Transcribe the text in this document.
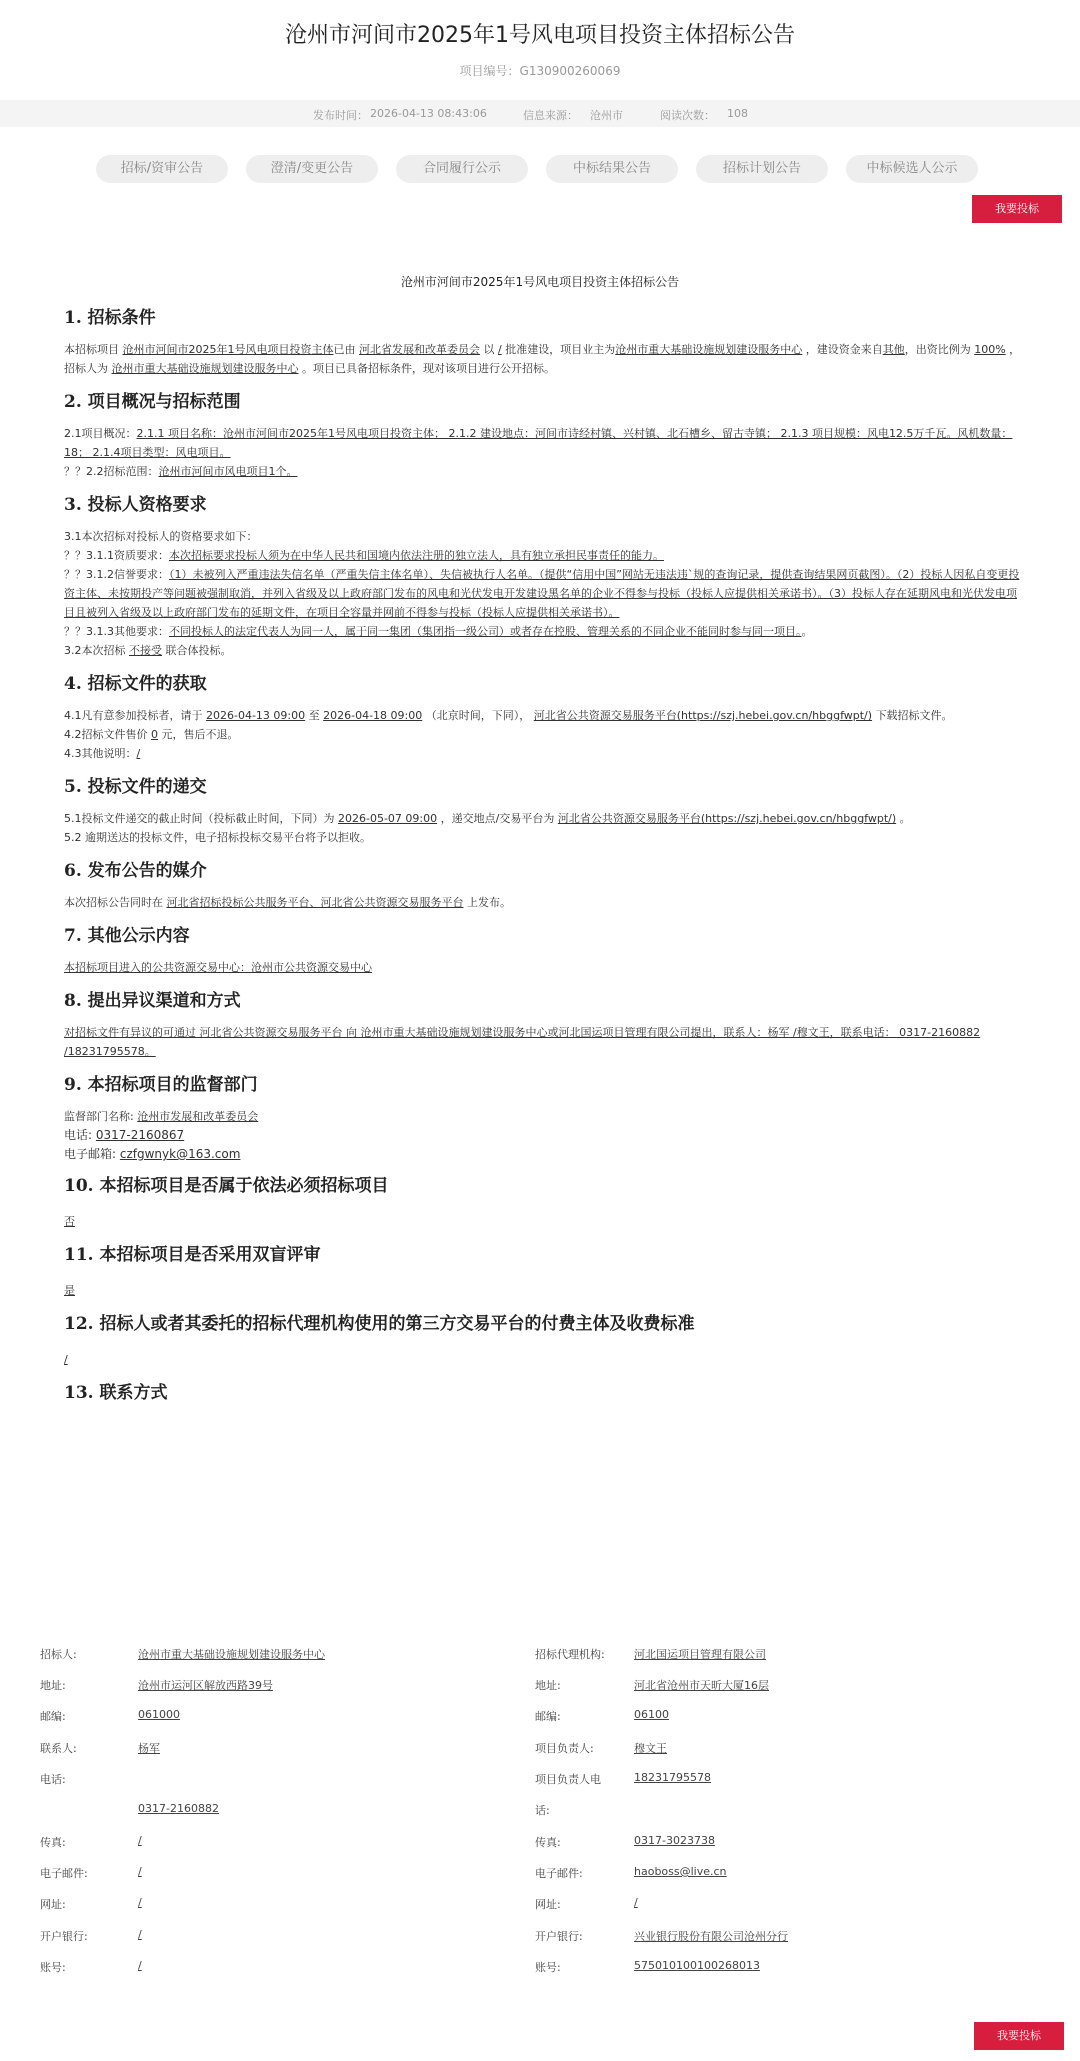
沧州市河间市2025年1号风电项目投资主体招标公告
项目编号：G130900260069
发布时间： 2026-04-13 08:43:06	信息来源： 沧州市	阅读次数： 108
招标/资审公告	澄清/变更公告	合同履行公示	中标结果公告	招标计划公告	中标候选人公示
我要投标
沧州市河间市2025年1号风电项目投资主体招标公告
1. 招标条件

本招标项目 沧州市河间市2025年1号风电项目投资主体已由 河北省发展和改革委员会 以 / 批准建设，项目业主为沧州市重大基础设施规划建设服务中心 ，建设资金来自其他，出资比例为 100% ，招标人为 沧州市重大基础设施规划建设服务中心 。项目已具备招标条件，现对该项目进行公开招标。

2. 项目概况与招标范围

2.1项目概况：2.1.1 项目名称：沧州市河间市2025年1号风电项目投资主体； 2.1.2 建设地点：河间市诗经村镇、兴村镇、北石槽乡、留古寺镇； 2.1.3 项目规模：风电12.5万千瓦。风机数量：18； 2.1.4项目类型：风电项目。

？？2.2招标范围：沧州市河间市风电项目1个。

3. 投标人资格要求

3.1本次招标对投标人的资格要求如下：

？？3.1.1资质要求：本次招标要求投标人须为在中华人民共和国境内依法注册的独立法人，具有独立承担民事责任的能力。

？？3.1.2信誉要求：（1）未被列入严重违法失信名单（严重失信主体名单）、失信被执行人名单。（提供“信用中国”网站无违法违`规的查询记录，提供查询结果网页截图）。（2）投标人因私自变更投资主体、未按期投产等问题被强制取消，并列入省级及以上政府部门发布的风电和光伏发电开发建设黑名单的企业不得参与投标（投标人应提供相关承诺书）。（3）投标人存在延期风电和光伏发电项目且被列入省级及以上政府部门发布的延期文件，在项目全容量并网前不得参与投标（投标人应提供相关承诺书）。

？？3.1.3其他要求：不同投标人的法定代表人为同一人，属于同一集团（集团指一级公司）或者存在控股、管理关系的不同企业不能同时参与同一项目。。

3.2本次招标 不接受 联合体投标。

4. 招标文件的获取

4.1凡有意参加投标者，请于 2026-04-13 09:00 至 2026-04-18 09:00 （北京时间，下同）， 河北省公共资源交易服务平台(https://szj.hebei.gov.cn/hbggfwpt/) 下载招标文件。

4.2招标文件售价 0 元，售后不退。

4.3其他说明：/

5. 投标文件的递交

5.1投标文件递交的截止时间（投标截止时间，下同）为 2026-05-07 09:00 ，递交地点/交易平台为 河北省公共资源交易服务平台(https://szj.hebei.gov.cn/hbggfwpt/) 。

5.2 逾期送达的投标文件，电子招标投标交易平台将予以拒收。

6. 发布公告的媒介

本次招标公告同时在 河北省招标投标公共服务平台、河北省公共资源交易服务平台 上发布。

7. 其他公示内容

本招标项目进入的公共资源交易中心：沧州市公共资源交易中心

8. 提出异议渠道和方式

对招标文件有异议的可通过 河北省公共资源交易服务平台 向 沧州市重大基础设施规划建设服务中心或河北国运项目管理有限公司提出，联系人：杨军 /穆文王，联系电话： 0317-2160882 /18231795578。

9. 本招标项目的监督部门

监督部门名称: 沧州市发展和改革委员会

电话: 0317-2160867

电子邮箱: czfgwnyk@163.com

10. 本招标项目是否属于依法必须招标项目

否

11. 本招标项目是否采用双盲评审

是

12. 招标人或者其委托的招标代理机构使用的第三方交易平台的付费主体及收费标准

/

13. 联系方式
招标人:	沧州市重大基础设施规划建设服务中心	招标代理机构:	河北国运项目管理有限公司
地址:	沧州市运河区解放西路39号	地址:	河北省沧州市天昕大厦16层
邮编:	061000	邮编:	06100
联系人:	杨军	项目负责人:	穆文王
电话:	项目负责人电	18231795578
0317-2160882	话:
传真:	/	传真:	0317-3023738
电子邮件:	/	电子邮件:	haoboss@live.cn
网址:	/	网址:	/
开户银行:	/	开户银行:	兴业银行股份有限公司沧州分行
账号:	/	账号:	575010100100268013
我要投标
